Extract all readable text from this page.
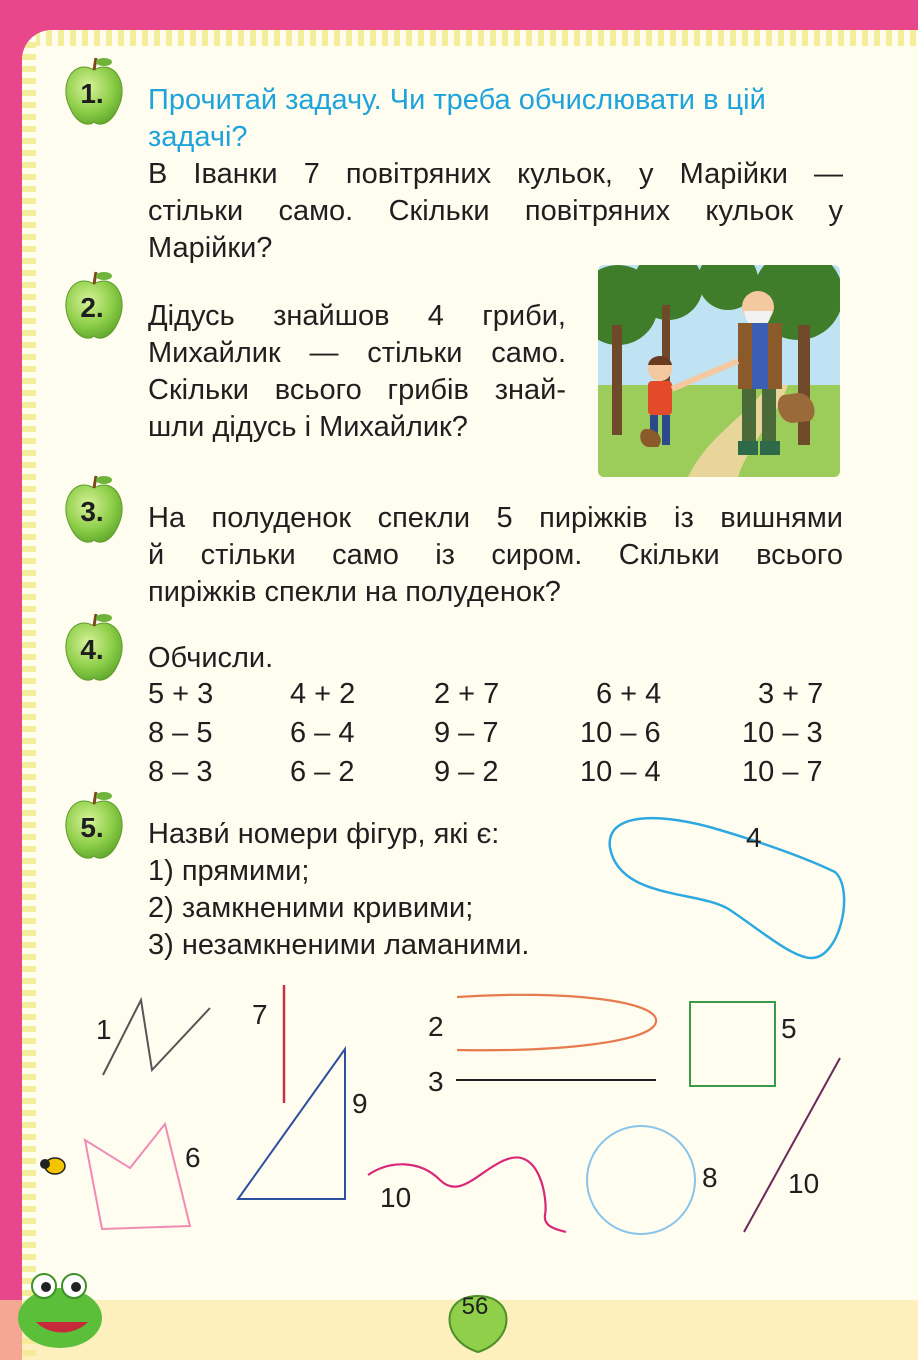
1.
2.
3.
4.
5.
Прочитай задачу. Чи треба обчислювати в цій
задачі?
В Іванки 7 повітряних кульок, у Марійки —
стільки само. Скільки повітряних кульок у
Марійки?
Дідусь знайшов 4 гриби,
Михайлик — стільки само.
Скільки всього грибів знай-
шли дідусь і Михайлик?
На полуденок спекли 5 пиріжків із вишнями
й стільки само із сиром. Скільки всього
пиріжків спекли на полуденок?
Обчисли.
5 + 3	4 + 2	2 + 7	6 + 4	3 + 7
8 – 5	6 – 4	9 – 7	10 – 6	10 – 3
8 – 3	6 – 2	9 – 2	10 – 4	10 – 7
Назви́ номери фігур, які є:
1) прямими;
2) замкненими кривими;
3) незамкненими ламаними.
1	7	2
3
4
5
6
9
10
8	10
56
